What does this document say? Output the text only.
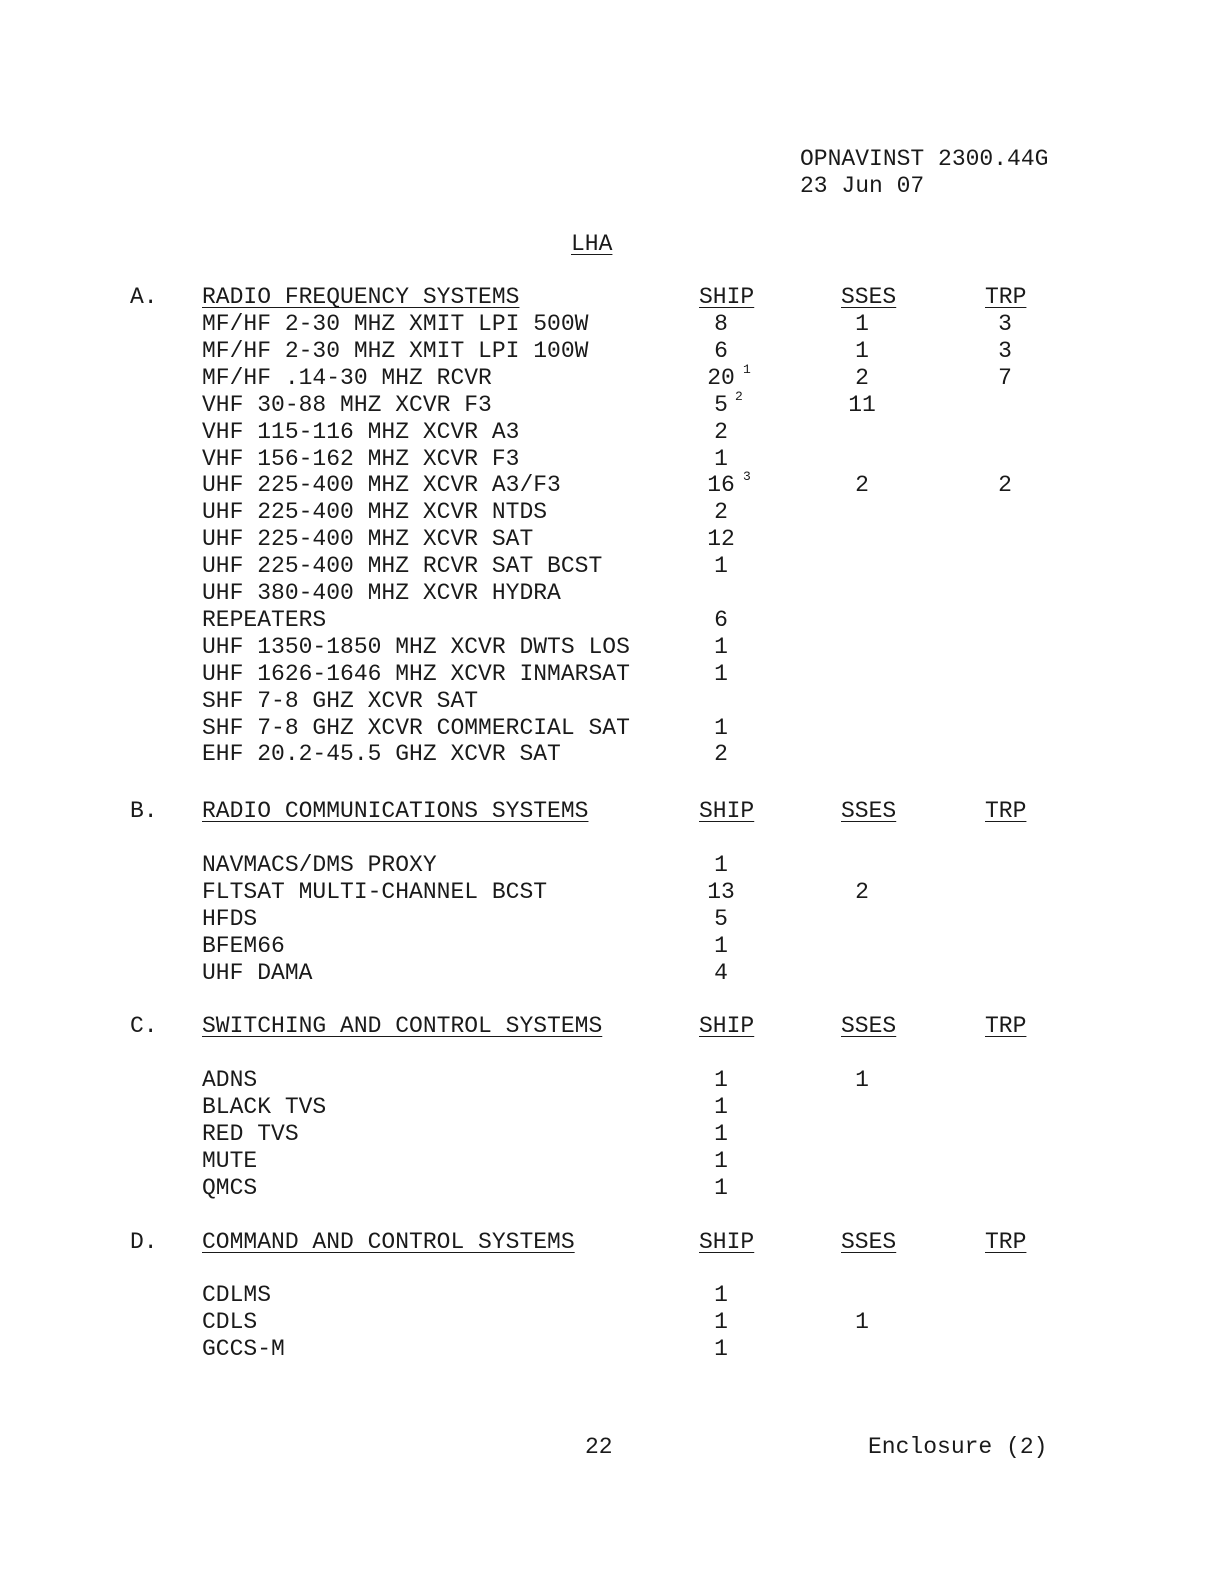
OPNAVINST 2300.44G
23 Jun 07
LHA
A. RADIO FREQUENCY SYSTEMS	SHIP	SSES	TRP
MF/HF 2-30 MHZ XMIT LPI 500W	8	1	3
MF/HF 2-30 MHZ XMIT LPI 100W	6	1	3
MF/HF .14-30 MHZ RCVR	20 1	2	7
VHF 30-88 MHZ XCVR F3	5 2	11
VHF 115-116 MHZ XCVR A3	2
VHF 156-162 MHZ XCVR F3	1
UHF 225-400 MHZ XCVR A3/F3	16 3	2	2
UHF 225-400 MHZ XCVR NTDS	2
UHF 225-400 MHZ XCVR SAT	12
UHF 225-400 MHZ RCVR SAT BCST	1
UHF 380-400 MHZ XCVR HYDRA
REPEATERS	6
UHF 1350-1850 MHZ XCVR DWTS LOS	1
UHF 1626-1646 MHZ XCVR INMARSAT	1
SHF 7-8 GHZ XCVR SAT
SHF 7-8 GHZ XCVR COMMERCIAL SAT	1
EHF 20.2-45.5 GHZ XCVR SAT	2
B. RADIO COMMUNICATIONS SYSTEMS	SHIP	SSES	TRP
NAVMACS/DMS PROXY	1
FLTSAT MULTI-CHANNEL BCST	13	2
HFDS	5
BFEM66	1
UHF DAMA	4
C. SWITCHING AND CONTROL SYSTEMS	SHIP	SSES	TRP
ADNS	1	1
BLACK TVS	1
RED TVS	1
MUTE	1
QMCS	1
D. COMMAND AND CONTROL SYSTEMS	SHIP	SSES	TRP
CDLMS	1
CDLS	1	1
GCCS-M	1
22	Enclosure (2)
